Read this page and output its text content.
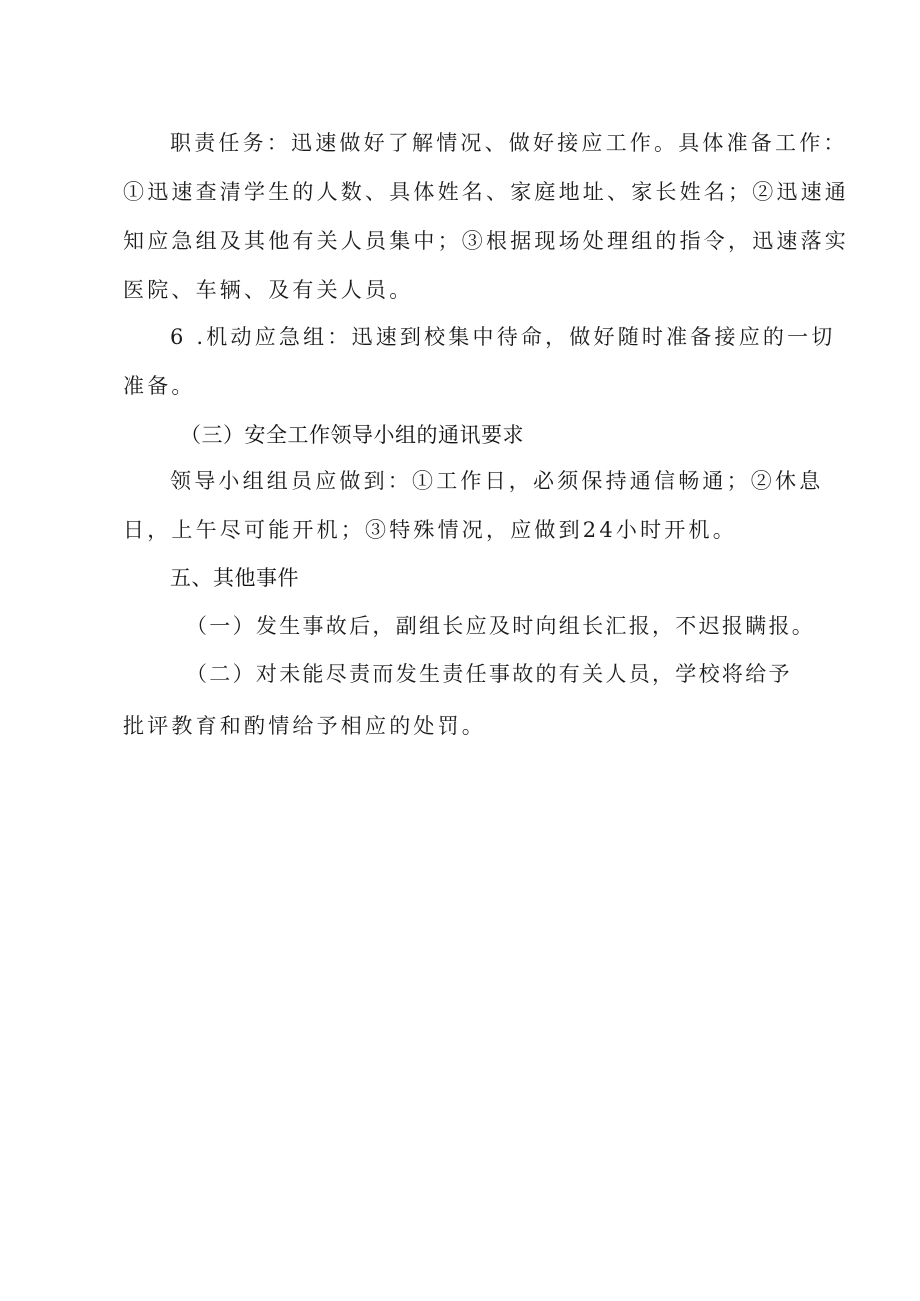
职责任务：迅速做好了解情况、做好接应工作。具体准备工作：
①迅速查清学生的人数、具体姓名、家庭地址、家长姓名；②迅速通
知应急组及其他有关人员集中；③根据现场处理组的指令，迅速落实
医院、车辆、及有关人员。
6 .机动应急组：迅速到校集中待命，做好随时准备接应的一切
准备。
（三）安全工作领导小组的通讯要求
领导小组组员应做到：①工作日，必须保持通信畅通；②休息
日，上午尽可能开机；③特殊情况，应做到24小时开机。
五、其他事件
（一）发生事故后，副组长应及时向组长汇报，不迟报瞒报。
（二）对未能尽责而发生责任事故的有关人员，学校将给予
批评教育和酌情给予相应的处罚。
